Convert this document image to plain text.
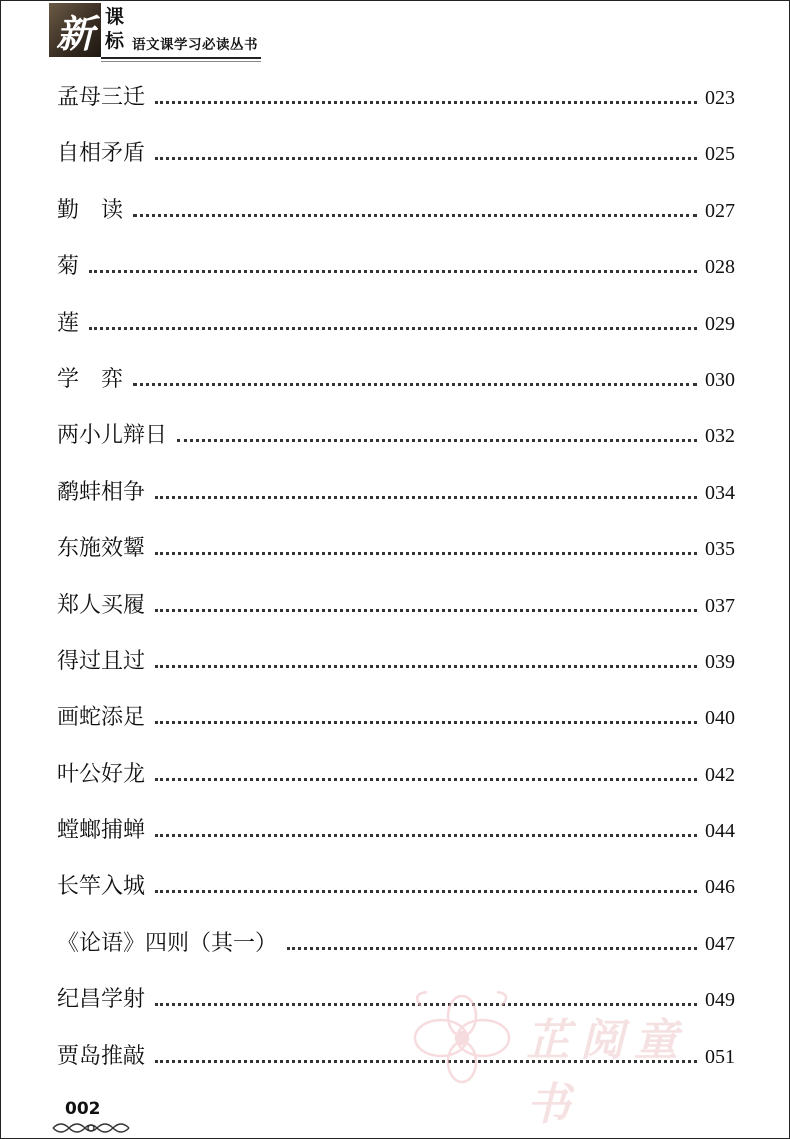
新 课
标 语文课学习必读丛书
孟母三迁	023
自相矛盾	025
勤　读	027
菊	028
莲	029
学　弈	030
两小儿辩日	032
鹬蚌相争	034
东施效颦	035
郑人买履	037
得过且过	039
画蛇添足	040
叶公好龙	042
螳螂捕蝉	044
长竿入城	046
《论语》四则（其一）	047
纪昌学射	049
贾岛推敲	051
芷阅童书
002
